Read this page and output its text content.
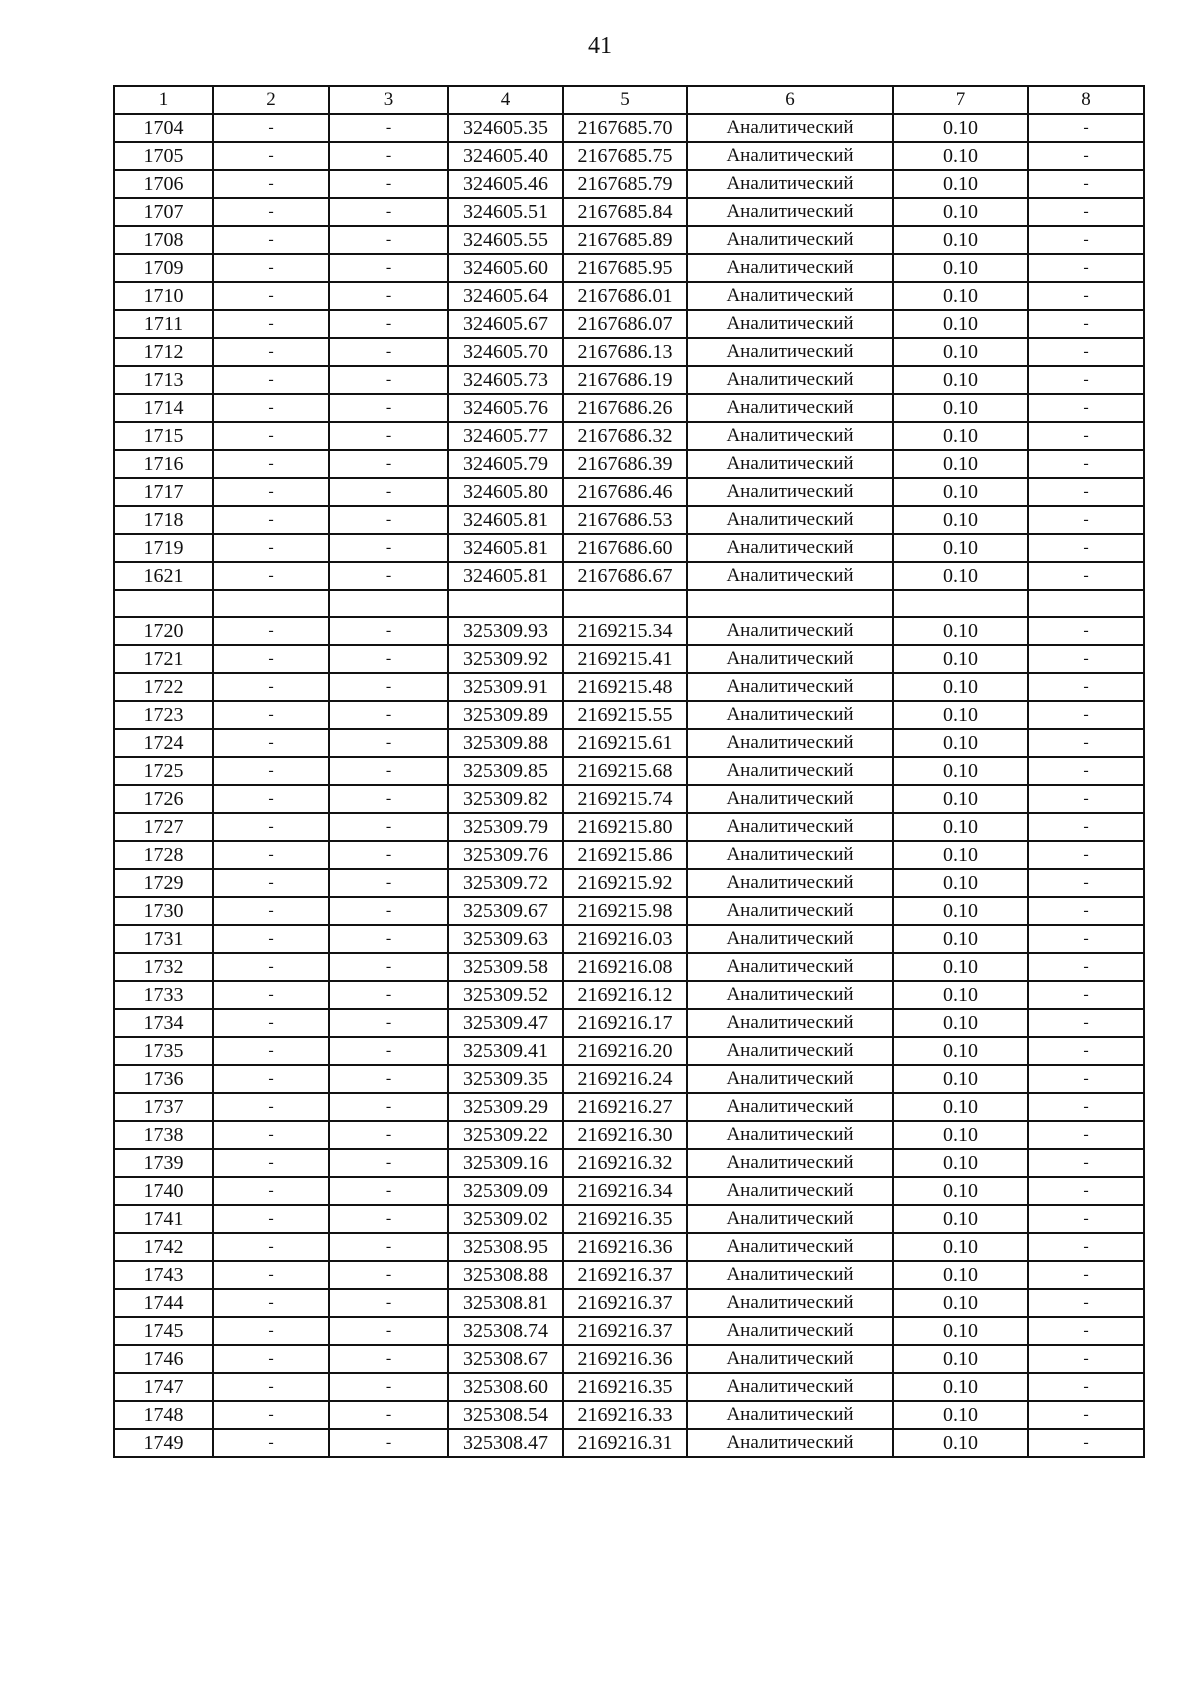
41
1	2	3	4	5	6	7	8
1704	-	-	324605.35	2167685.70	Аналитический	0.10	-
1705	-	-	324605.40	2167685.75	Аналитический	0.10	-
1706	-	-	324605.46	2167685.79	Аналитический	0.10	-
1707	-	-	324605.51	2167685.84	Аналитический	0.10	-
1708	-	-	324605.55	2167685.89	Аналитический	0.10	-
1709	-	-	324605.60	2167685.95	Аналитический	0.10	-
1710	-	-	324605.64	2167686.01	Аналитический	0.10	-
1711	-	-	324605.67	2167686.07	Аналитический	0.10	-
1712	-	-	324605.70	2167686.13	Аналитический	0.10	-
1713	-	-	324605.73	2167686.19	Аналитический	0.10	-
1714	-	-	324605.76	2167686.26	Аналитический	0.10	-
1715	-	-	324605.77	2167686.32	Аналитический	0.10	-
1716	-	-	324605.79	2167686.39	Аналитический	0.10	-
1717	-	-	324605.80	2167686.46	Аналитический	0.10	-
1718	-	-	324605.81	2167686.53	Аналитический	0.10	-
1719	-	-	324605.81	2167686.60	Аналитический	0.10	-
1621	-	-	324605.81	2167686.67	Аналитический	0.10	-

1720	-	-	325309.93	2169215.34	Аналитический	0.10	-
1721	-	-	325309.92	2169215.41	Аналитический	0.10	-
1722	-	-	325309.91	2169215.48	Аналитический	0.10	-
1723	-	-	325309.89	2169215.55	Аналитический	0.10	-
1724	-	-	325309.88	2169215.61	Аналитический	0.10	-
1725	-	-	325309.85	2169215.68	Аналитический	0.10	-
1726	-	-	325309.82	2169215.74	Аналитический	0.10	-
1727	-	-	325309.79	2169215.80	Аналитический	0.10	-
1728	-	-	325309.76	2169215.86	Аналитический	0.10	-
1729	-	-	325309.72	2169215.92	Аналитический	0.10	-
1730	-	-	325309.67	2169215.98	Аналитический	0.10	-
1731	-	-	325309.63	2169216.03	Аналитический	0.10	-
1732	-	-	325309.58	2169216.08	Аналитический	0.10	-
1733	-	-	325309.52	2169216.12	Аналитический	0.10	-
1734	-	-	325309.47	2169216.17	Аналитический	0.10	-
1735	-	-	325309.41	2169216.20	Аналитический	0.10	-
1736	-	-	325309.35	2169216.24	Аналитический	0.10	-
1737	-	-	325309.29	2169216.27	Аналитический	0.10	-
1738	-	-	325309.22	2169216.30	Аналитический	0.10	-
1739	-	-	325309.16	2169216.32	Аналитический	0.10	-
1740	-	-	325309.09	2169216.34	Аналитический	0.10	-
1741	-	-	325309.02	2169216.35	Аналитический	0.10	-
1742	-	-	325308.95	2169216.36	Аналитический	0.10	-
1743	-	-	325308.88	2169216.37	Аналитический	0.10	-
1744	-	-	325308.81	2169216.37	Аналитический	0.10	-
1745	-	-	325308.74	2169216.37	Аналитический	0.10	-
1746	-	-	325308.67	2169216.36	Аналитический	0.10	-
1747	-	-	325308.60	2169216.35	Аналитический	0.10	-
1748	-	-	325308.54	2169216.33	Аналитический	0.10	-
1749	-	-	325308.47	2169216.31	Аналитический	0.10	-
